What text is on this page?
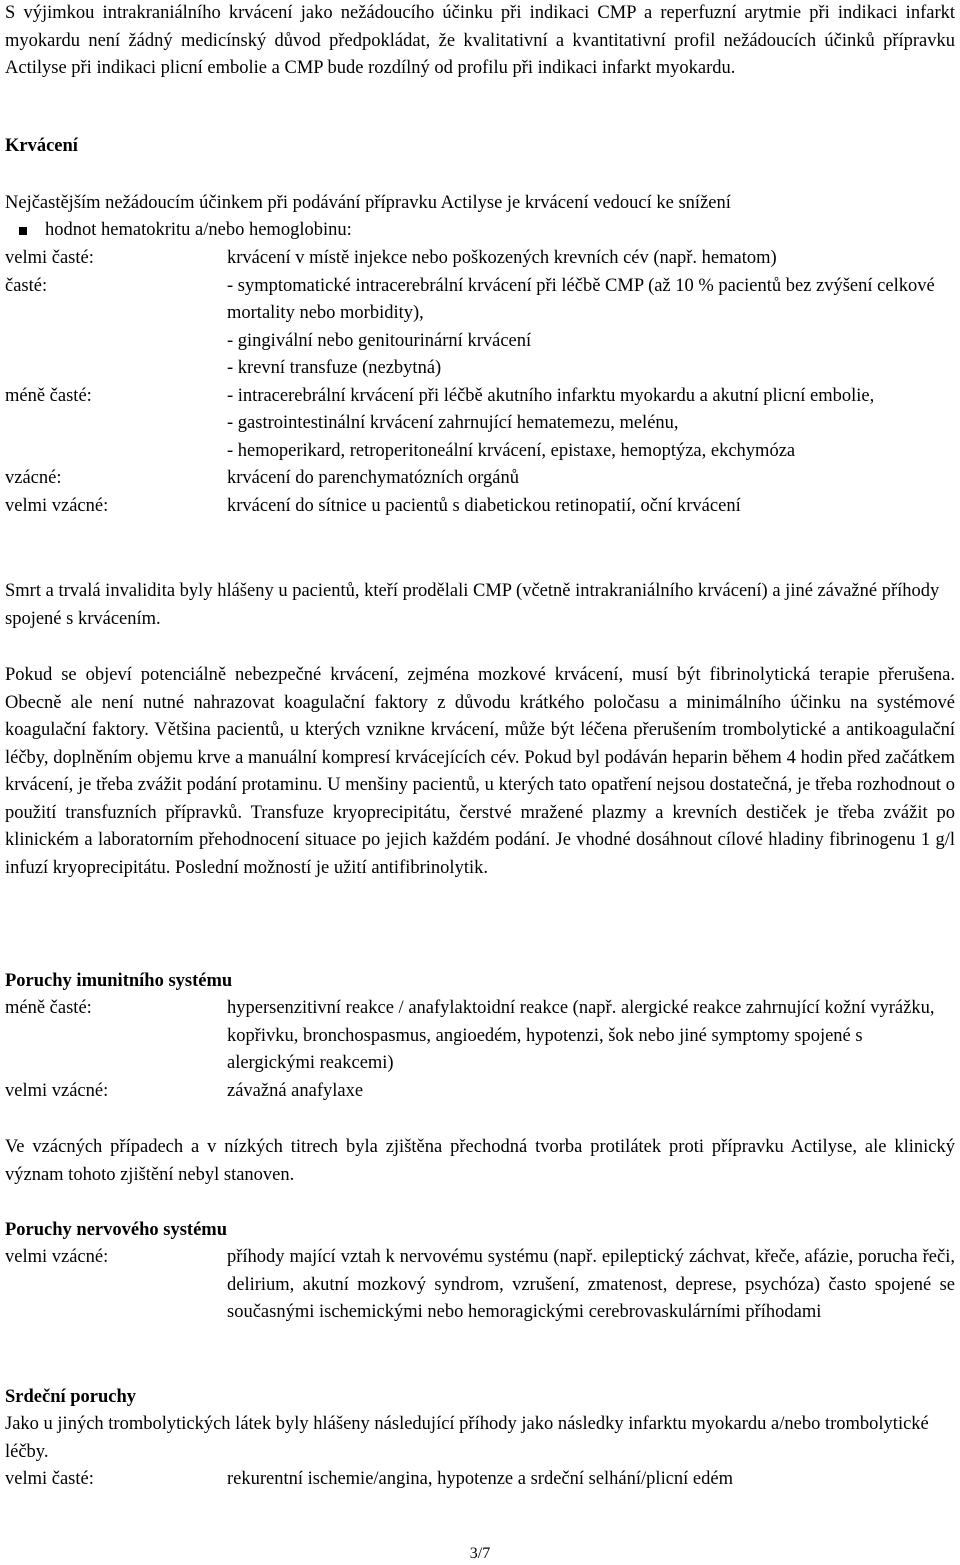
S výjimkou intrakraniálního krvácení jako nežádoucího účinku při indikaci CMP a reperfuzní arytmie při indikaci infarkt myokardu není žádný medicínský důvod předpokládat, že kvalitativní a kvantitativní profil nežádoucích účinků přípravku Actilyse při indikaci plicní embolie a CMP bude rozdílný od profilu při indikaci infarkt myokardu.

Krvácení

Nejčastějším nežádoucím účinkem při podávání přípravku Actilyse je krvácení vedoucí ke snížení

hodnot hematokritu a/nebo hemoglobinu:
velmi časté:	krvácení v místě injekce nebo poškozených krevních cév (např. hematom)
časté:	- symptomatické intracerebrální krvácení při léčbě CMP (až 10 % pacientů bez zvýšení celkové mortality nebo morbidity),
- gingivální nebo genitourinární krvácení
- krevní transfuze (nezbytná)
méně časté:	- intracerebrální krvácení při léčbě akutního infarktu myokardu a akutní plicní embolie,
- gastrointestinální krvácení zahrnující hematemezu, melénu,
- hemoperikard, retroperitoneální krvácení, epistaxe, hemoptýza, ekchymóza
vzácné:	krvácení do parenchymatózních orgánů
velmi vzácné:	krvácení do sítnice u pacientů s diabetickou retinopatií, oční krvácení

Smrt a trvalá invalidita byly hlášeny u pacientů, kteří prodělali CMP (včetně intrakraniálního krvácení) a jiné závažné příhody spojené s krvácením.

Pokud se objeví potenciálně nebezpečné krvácení, zejména mozkové krvácení, musí být fibrinolytická terapie přerušena. Obecně ale není nutné nahrazovat koagulační faktory z důvodu krátkého poločasu a minimálního účinku na systémové koagulační faktory. Většina pacientů, u kterých vznikne krvácení, může být léčena přerušením trombolytické a antikoagulační léčby, doplněním objemu krve a manuální kompresí krvácejících cév. Pokud byl podáván heparin během 4 hodin před začátkem krvácení, je třeba zvážit podání protaminu. U menšiny pacientů, u kterých tato opatření nejsou dostatečná, je třeba rozhodnout o použití transfuzních přípravků. Transfuze kryoprecipitátu, čerstvé mražené plazmy a krevních destiček je třeba zvážit po klinickém a laboratorním přehodnocení situace po jejich každém podání. Je vhodné dosáhnout cílové hladiny fibrinogenu 1 g/l infuzí kryoprecipitátu. Poslední možností je užití antifibrinolytik.

Poruchy imunitního systému

méně časté:	hypersenzitivní reakce / anafylaktoidní reakce (např. alergické reakce zahrnující kožní vyrážku, kopřivku, bronchospasmus, angioedém, hypotenzi, šok nebo jiné symptomy spojené s alergickými reakcemi)
velmi vzácné:	závažná anafylaxe

Ve vzácných případech a v nízkých titrech byla zjištěna přechodná tvorba protilátek proti přípravku Actilyse, ale klinický význam tohoto zjištění nebyl stanoven.

Poruchy nervového systému

velmi vzácné:	příhody mající vztah k nervovému systému (např. epileptický záchvat, křeče, afázie, porucha řeči, delirium, akutní mozkový syndrom, vzrušení, zmatenost, deprese, psychóza) často spojené se současnými ischemickými nebo hemoragickými cerebrovaskulárními příhodami

Srdeční poruchy

Jako u jiných trombolytických látek byly hlášeny následující příhody jako následky infarktu myokardu a/nebo trombolytické léčby.

velmi časté:	rekurentní ischemie/angina, hypotenze a srdeční selhání/plicní edém
3/7
